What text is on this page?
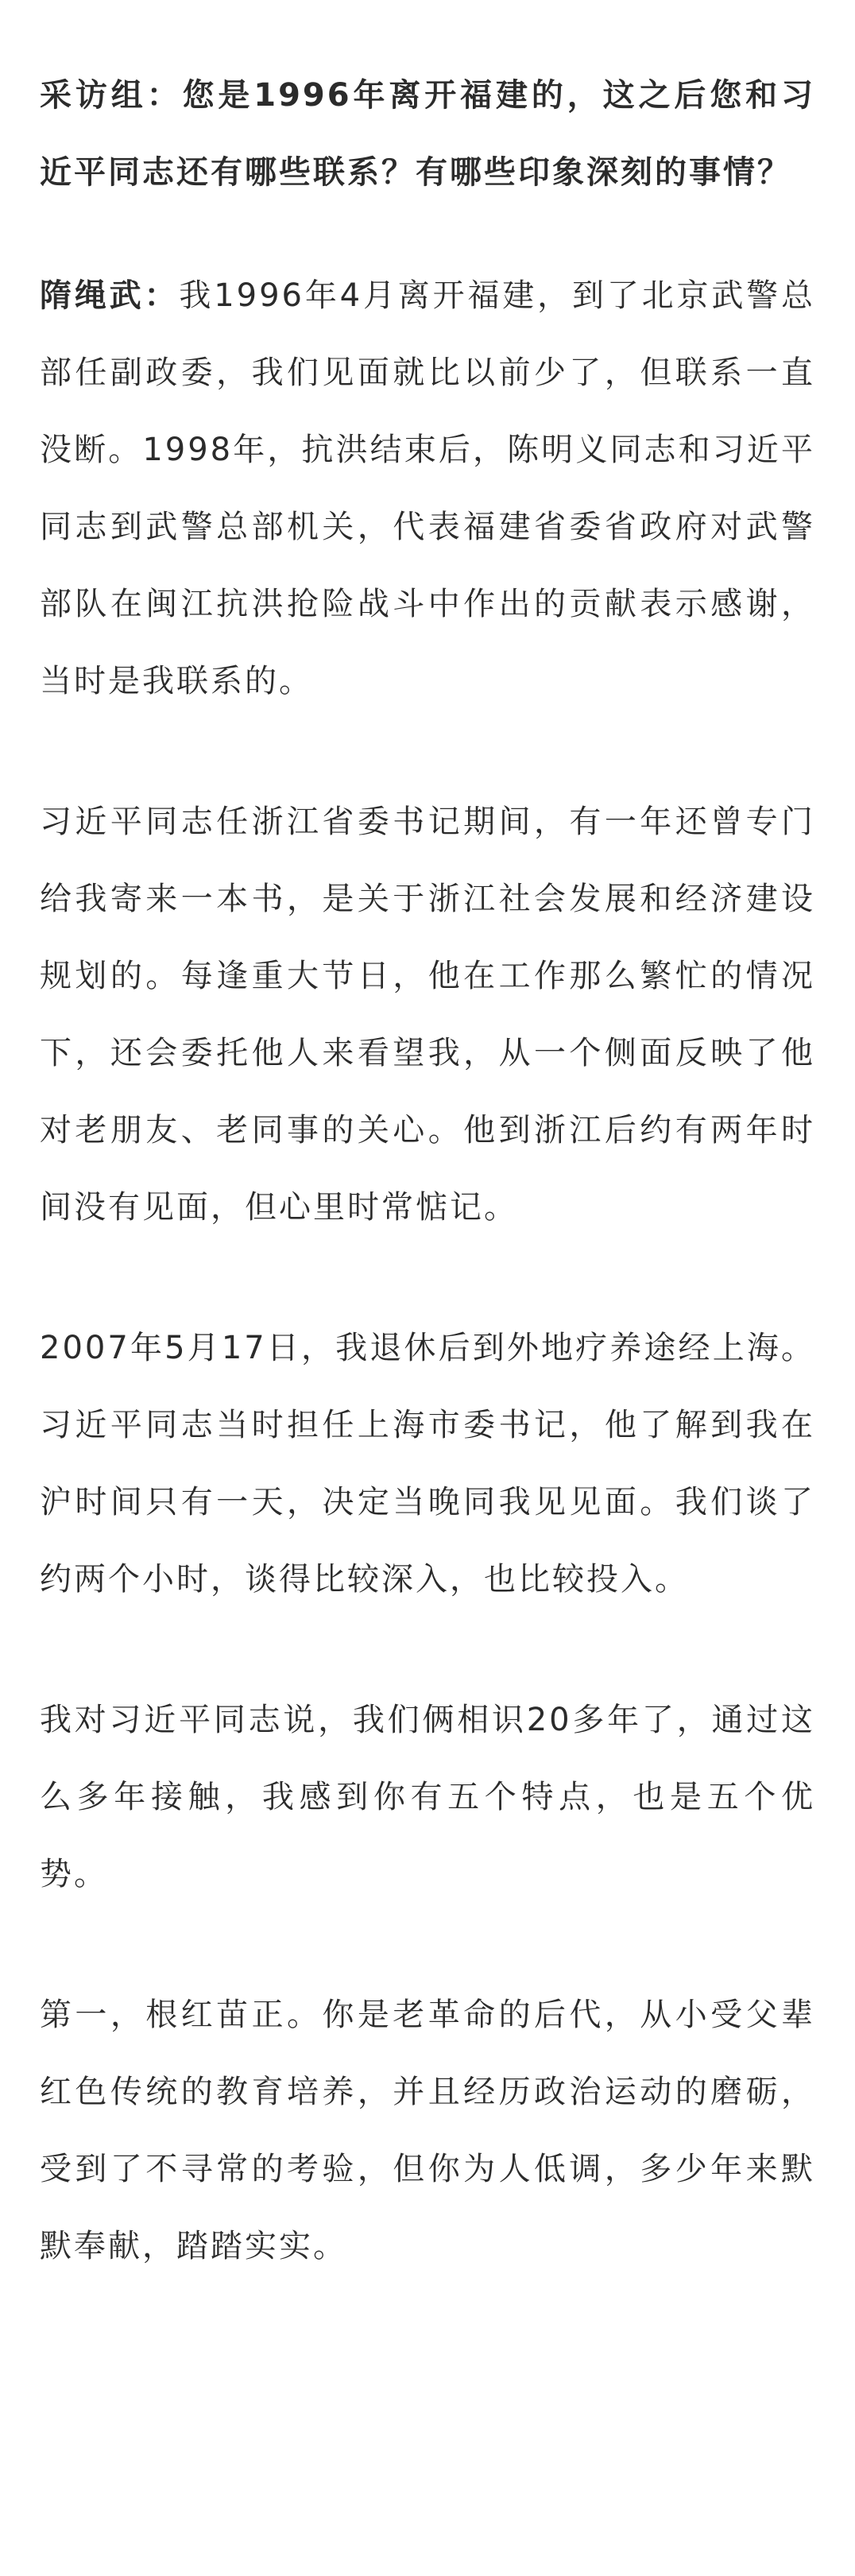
采访组：您是1996年离开福建的，这之后您和习近平同志还有哪些联系？有哪些印象深刻的事情？

隋绳武：我1996年4月离开福建，到了北京武警总部任副政委，我们见面就比以前少了，但联系一直没断。1998年，抗洪结束后，陈明义同志和习近平同志到武警总部机关，代表福建省委省政府对武警部队在闽江抗洪抢险战斗中作出的贡献表示感谢，当时是我联系的。

习近平同志任浙江省委书记期间，有一年还曾专门给我寄来一本书，是关于浙江社会发展和经济建设规划的。每逢重大节日，他在工作那么繁忙的情况下，还会委托他人来看望我，从一个侧面反映了他对老朋友、老同事的关心。他到浙江后约有两年时间没有见面，但心里时常惦记。

2007年5月17日，我退休后到外地疗养途经上海。习近平同志当时担任上海市委书记，他了解到我在沪时间只有一天，决定当晚同我见见面。我们谈了约两个小时，谈得比较深入，也比较投入。

我对习近平同志说，我们俩相识20多年了，通过这么多年接触，我感到你有五个特点，也是五个优势。

第一，根红苗正。你是老革命的后代，从小受父辈红色传统的教育培养，并且经历政治运动的磨砺，受到了不寻常的考验，但你为人低调，多少年来默默奉献，踏踏实实。
